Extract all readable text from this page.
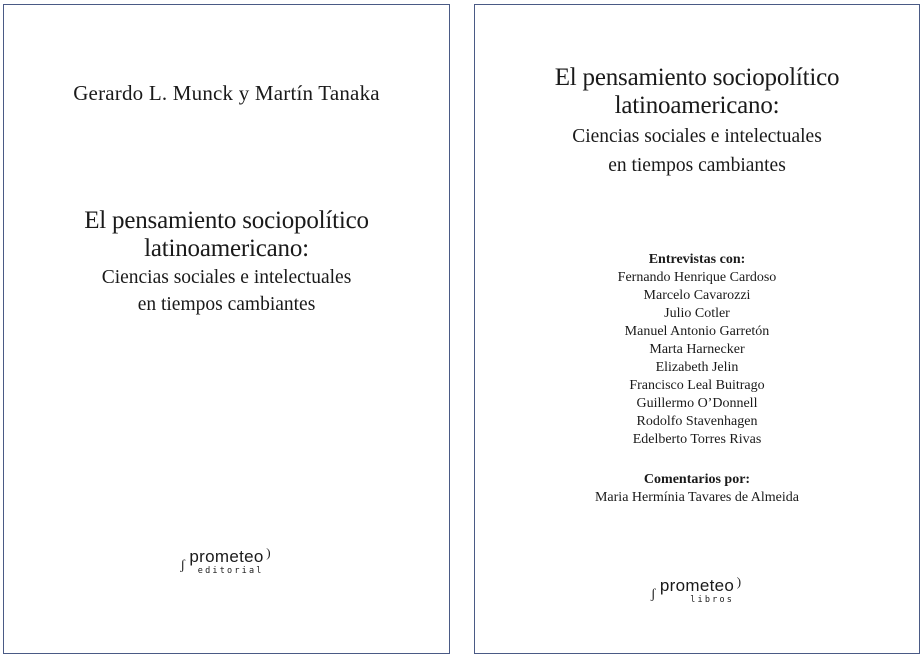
Gerardo L. Munck y Martín Tanaka
El pensamiento sociopolítico
latinoamericano:

Ciencias sociales e intelectuales

en tiempos cambiantes

ʃ prometeo )
editorial
El pensamiento sociopolítico
latinoamericano:

Ciencias sociales e intelectuales

en tiempos cambiantes

Entrevistas con:
Fernando Henrique Cardoso
Marcelo Cavarozzi
Julio Cotler
Manuel Antonio Garretón
Marta Harnecker
Elizabeth Jelin
Francisco Leal Buitrago
Guillermo O’Donnell
Rodolfo Stavenhagen
Edelberto Torres Rivas
Comentarios por:
Maria Hermínia Tavares de Almeida
ʃ prometeo )
libros
